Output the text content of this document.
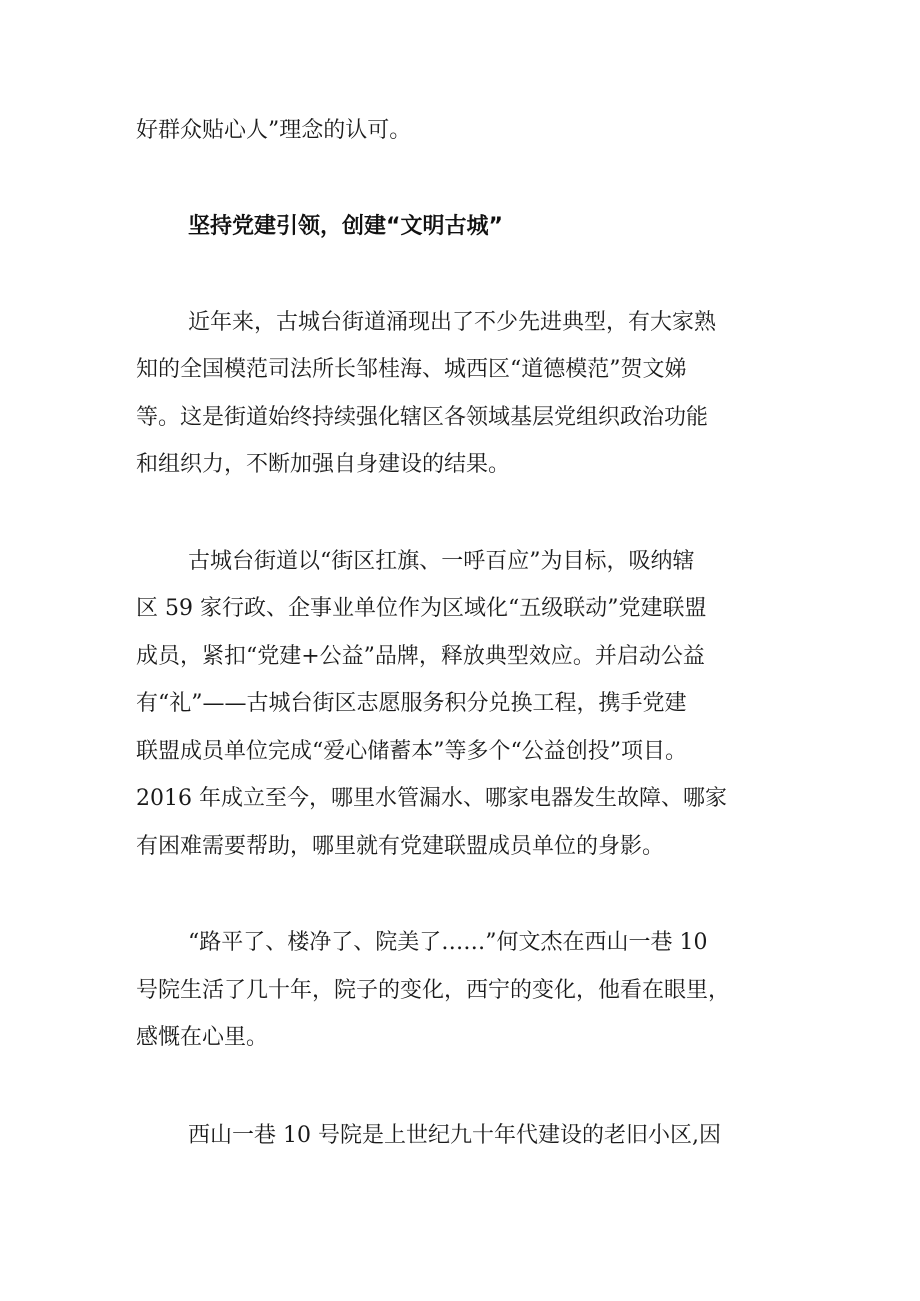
好群众贴心人”理念的认可。
坚持党建引领，创建“文明古城”
近年来，古城台街道涌现出了不少先进典型，有大家熟
知的全国模范司法所长邹桂海、城西区“道德模范”贺文娣
等。这是街道始终持续强化辖区各领域基层党组织政治功能
和组织力，不断加强自身建设的结果。
古城台街道以“街区扛旗、一呼百应”为目标，吸纳辖
区 59 家行政、企事业单位作为区域化“五级联动”党建联盟
成员，紧扣“党建+公益”品牌，释放典型效应。并启动公益
有“礼”——古城台街区志愿服务积分兑换工程，携手党建
联盟成员单位完成“爱心储蓄本”等多个“公益创投”项目。
2016 年成立至今，哪里水管漏水、哪家电器发生故障、哪家
有困难需要帮助，哪里就有党建联盟成员单位的身影。
“路平了、楼净了、院美了……”何文杰在西山一巷 10
号院生活了几十年，院子的变化，西宁的变化，他看在眼里，
感慨在心里。
西山一巷 10 号院是上世纪九十年代建设的老旧小区,因
